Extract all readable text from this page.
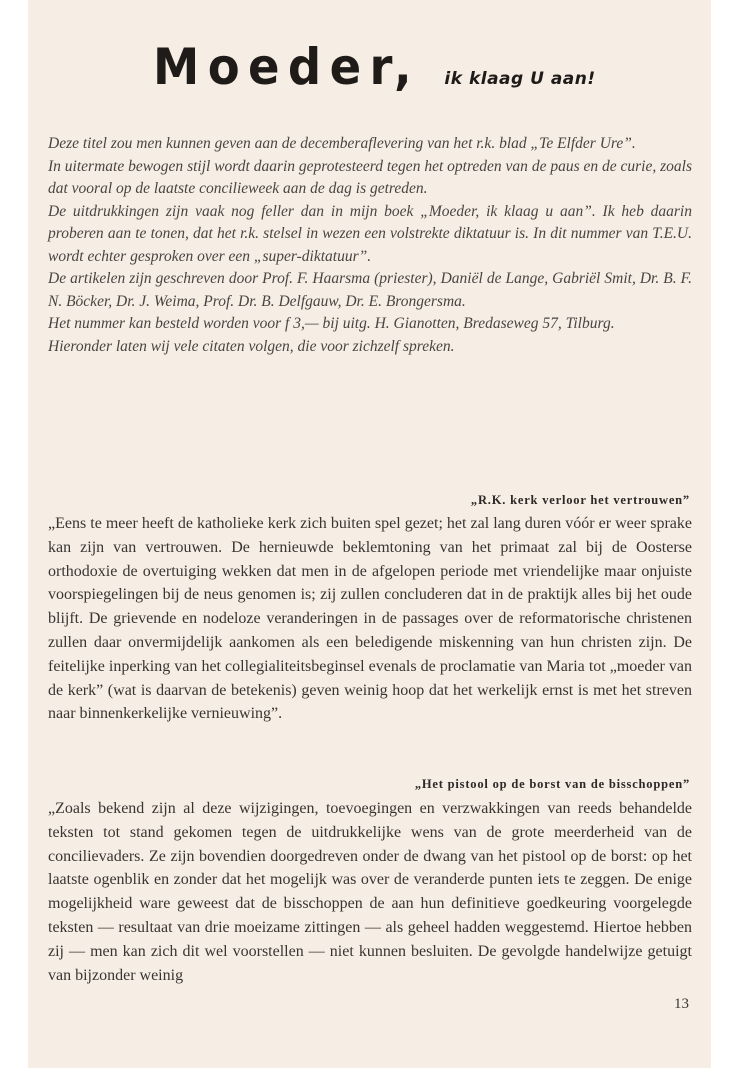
Moeder, ik klaag U aan!

Deze titel zou men kunnen geven aan de decemberaflevering van het r.k. blad „Te Elfder Ure”.

In uitermate bewogen stijl wordt daarin geprotesteerd tegen het optreden van de paus en de curie, zoals dat vooral op de laatste concilieweek aan de dag is getreden.

De uitdrukkingen zijn vaak nog feller dan in mijn boek „Moeder, ik klaag u aan”. Ik heb daarin proberen aan te tonen, dat het r.k. stelsel in wezen een volstrekte diktatuur is. In dit nummer van T.E.U. wordt echter gesproken over een „super-diktatuur”.

De artikelen zijn geschreven door Prof. F. Haarsma (priester), Daniël de Lange, Gabriël Smit, Dr. B. F. N. Böcker, Dr. J. Weima, Prof. Dr. B. Delfgauw, Dr. E. Brongersma.

Het nummer kan besteld worden voor f 3,— bij uitg. H. Gianotten, Bredaseweg 57, Tilburg.

Hieronder laten wij vele citaten volgen, die voor zichzelf spreken.

„R.K. kerk verloor het vertrouwen”
„Eens te meer heeft de katholieke kerk zich buiten spel gezet; het zal lang duren vóór er weer sprake kan zijn van vertrouwen. De hernieuwde beklemtoning van het primaat zal bij de Oosterse orthodoxie de overtuiging wekken dat men in de afgelopen periode met vriendelijke maar onjuiste voorspiegelingen bij de neus genomen is; zij zullen concluderen dat in de praktijk alles bij het oude blijft. De grievende en nodeloze veranderingen in de passages over de reformatorische christenen zullen daar onvermijdelijk aankomen als een beledigende miskenning van hun christen zijn. De feitelijke inperking van het collegialiteitsbeginsel evenals de proclamatie van Maria tot „moeder van de kerk” (wat is daarvan de betekenis) geven weinig hoop dat het werkelijk ernst is met het streven naar binnenkerkelijke vernieuwing”.
„Het pistool op de borst van de bisschoppen”
„Zoals bekend zijn al deze wijzigingen, toevoegingen en verzwakkingen van reeds behandelde teksten tot stand gekomen tegen de uitdrukkelijke wens van de grote meerderheid van de concilievaders. Ze zijn bovendien doorgedreven onder de dwang van het pistool op de borst: op het laatste ogenblik en zonder dat het mogelijk was over de veranderde punten iets te zeggen. De enige mogelijkheid ware geweest dat de bisschoppen de aan hun definitieve goedkeuring voorgelegde teksten — resultaat van drie moeizame zittingen — als geheel hadden weggestemd. Hiertoe hebben zij — men kan zich dit wel voorstellen — niet kunnen besluiten. De gevolgde handelwijze getuigt van bijzonder weinig
13
